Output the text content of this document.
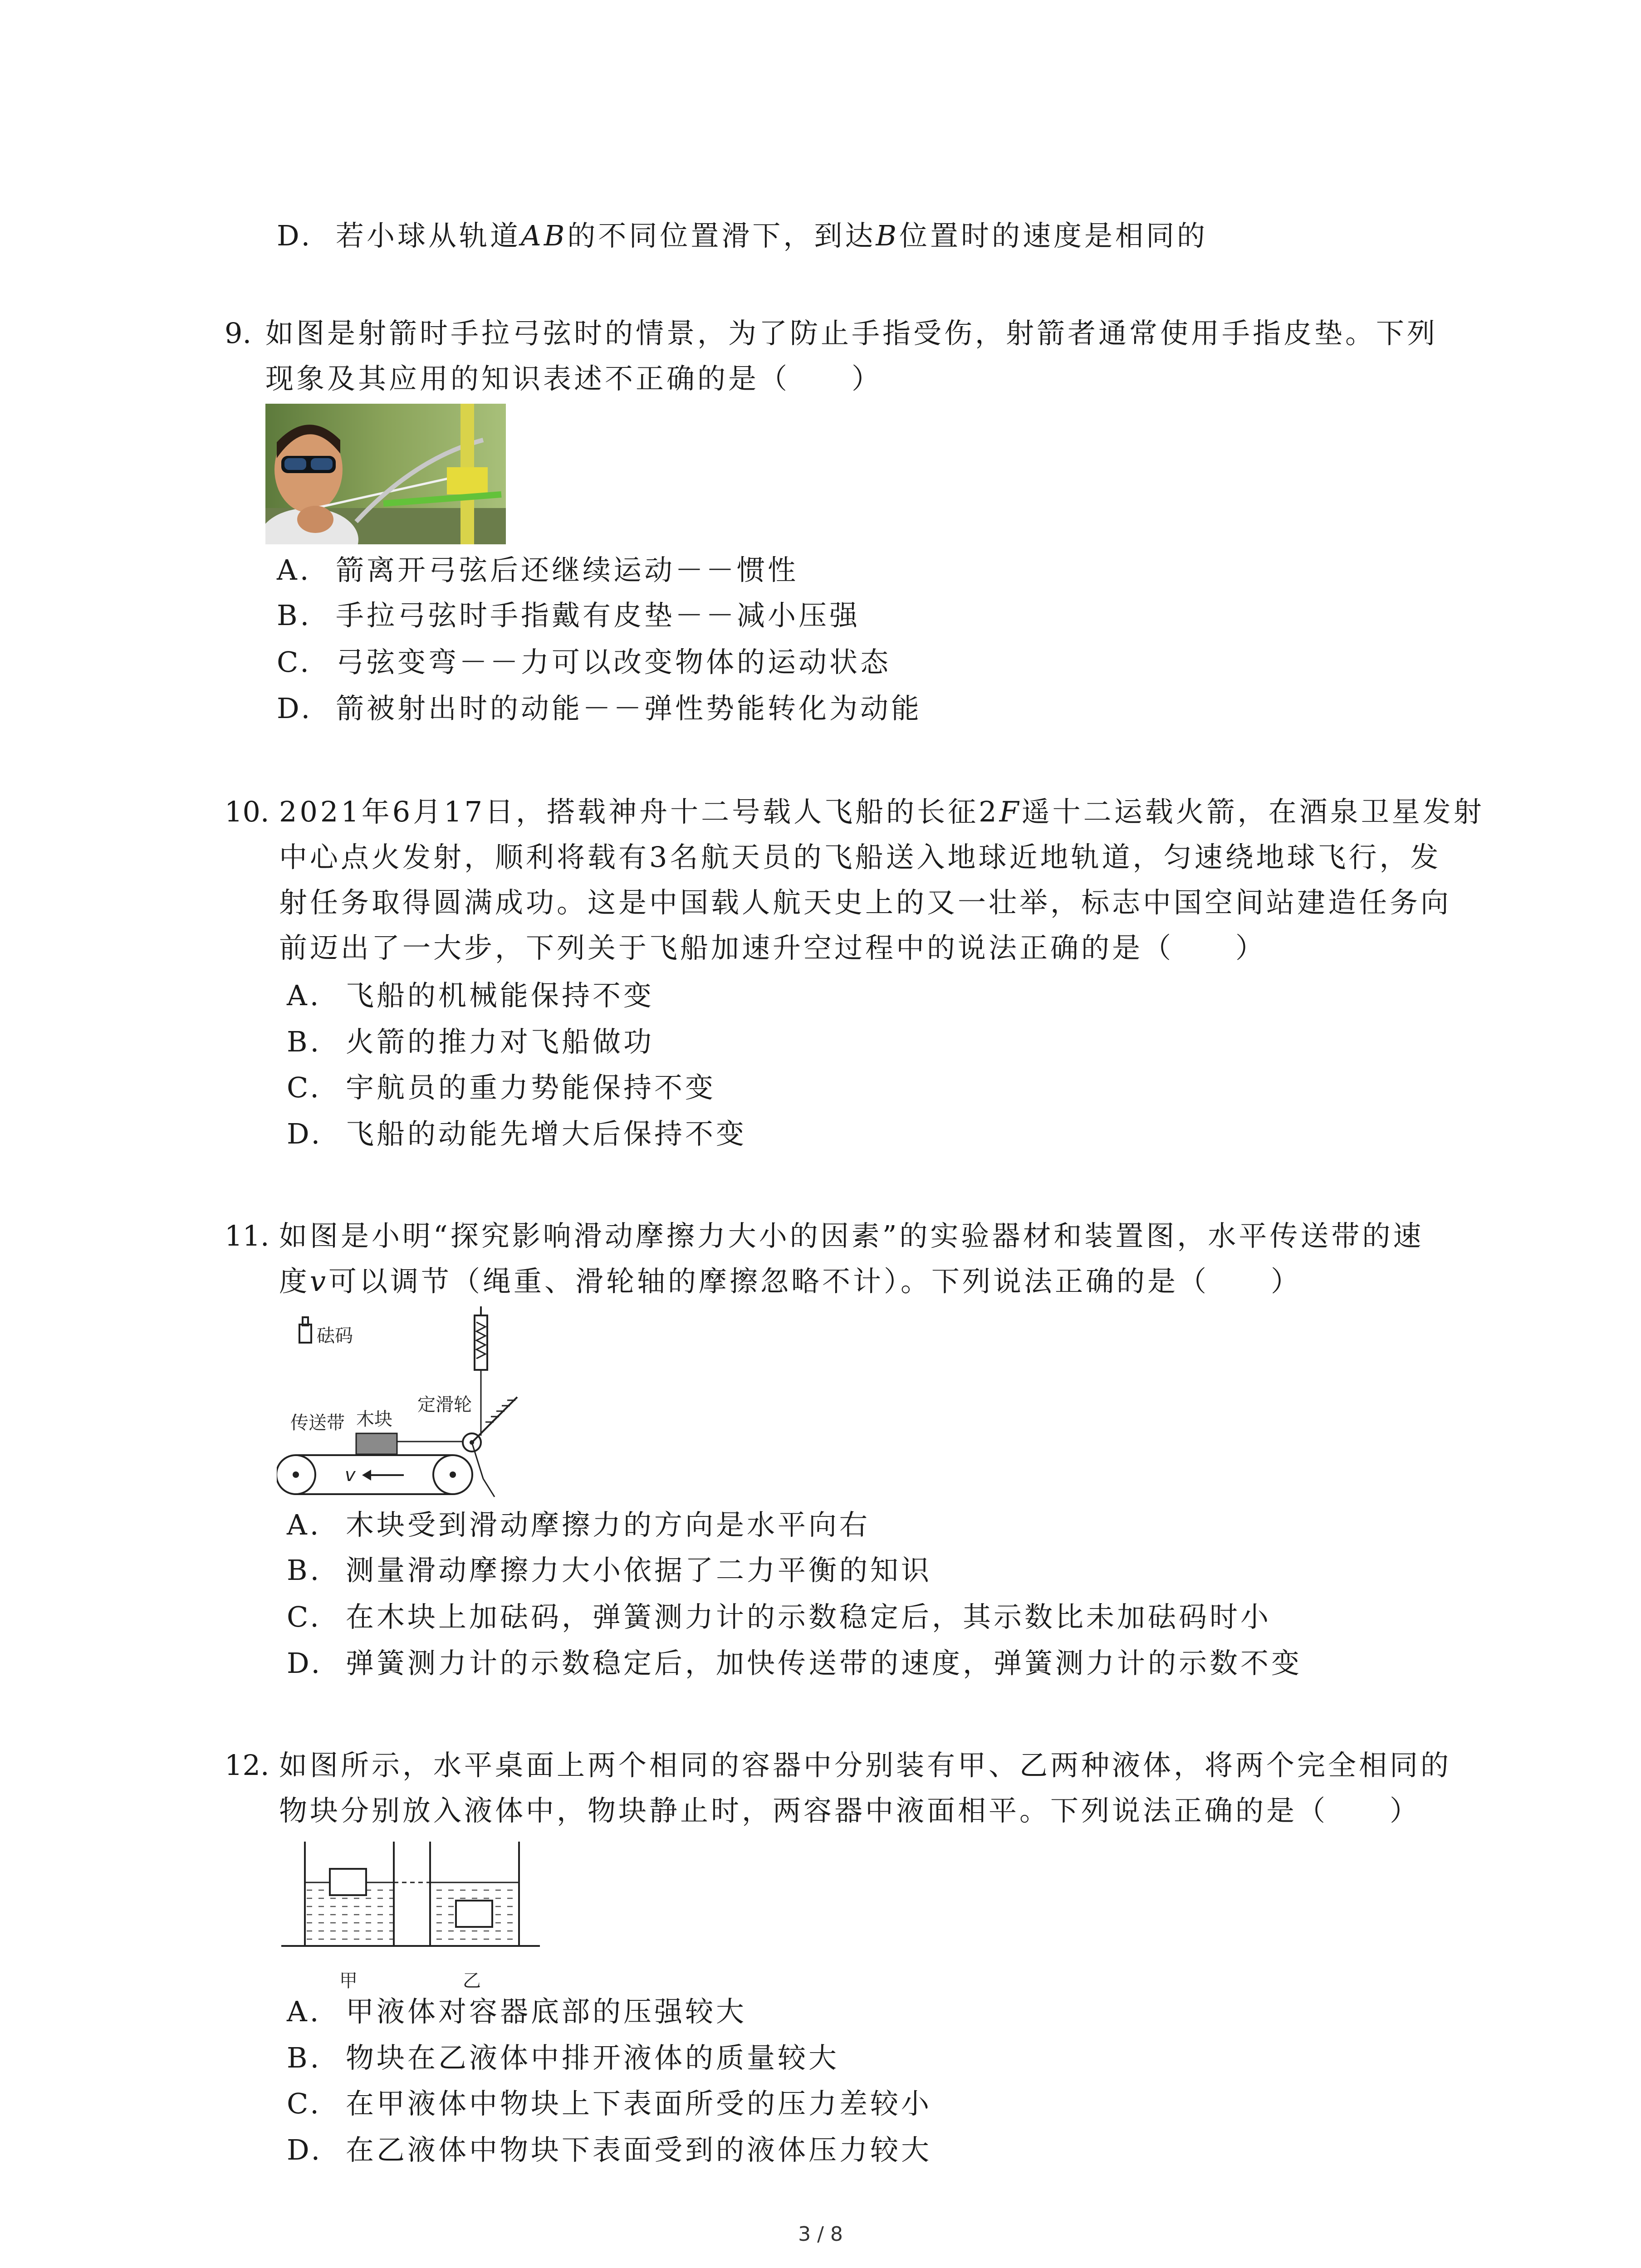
D. 若小球从轨道AB的不同位置滑下，到达B位置时的速度是相同的
9. 如图是射箭时手拉弓弦时的情景，为了防止手指受伤，射箭者通常使用手指皮垫。下列
现象及其应用的知识表述不正确的是（　　）
A. 箭离开弓弦后还继续运动－－惯性
B. 手拉弓弦时手指戴有皮垫－－减小压强
C. 弓弦变弯－－力可以改变物体的运动状态
D. 箭被射出时的动能－－弹性势能转化为动能
10. 2021年6月17日，搭载神舟十二号载人飞船的长征2F遥十二运载火箭，在酒泉卫星发射
中心点火发射，顺利将载有3名航天员的飞船送入地球近地轨道，匀速绕地球飞行，发
射任务取得圆满成功。这是中国载人航天史上的又一壮举，标志中国空间站建造任务向
前迈出了一大步，下列关于飞船加速升空过程中的说法正确的是（　　）
A. 飞船的机械能保持不变
B. 火箭的推力对飞船做功
C. 宇航员的重力势能保持不变
D. 飞船的动能先增大后保持不变
11. 如图是小明“探究影响滑动摩擦力大小的因素”的实验器材和装置图，水平传送带的速
度v可以调节（绳重、滑轮轴的摩擦忽略不计）。下列说法正确的是（　　）
砝码
定滑轮
传送带 木块
v
A. 木块受到滑动摩擦力的方向是水平向右
B. 测量滑动摩擦力大小依据了二力平衡的知识
C. 在木块上加砝码，弹簧测力计的示数稳定后，其示数比未加砝码时小
D. 弹簧测力计的示数稳定后，加快传送带的速度，弹簧测力计的示数不变
12. 如图所示，水平桌面上两个相同的容器中分别装有甲、乙两种液体，将两个完全相同的
物块分别放入液体中，物块静止时，两容器中液面相平。下列说法正确的是（　　）
甲	乙
A. 甲液体对容器底部的压强较大
B. 物块在乙液体中排开液体的质量较大
C. 在甲液体中物块上下表面所受的压力差较小
D. 在乙液体中物块下表面受到的液体压力较大
3 / 8
